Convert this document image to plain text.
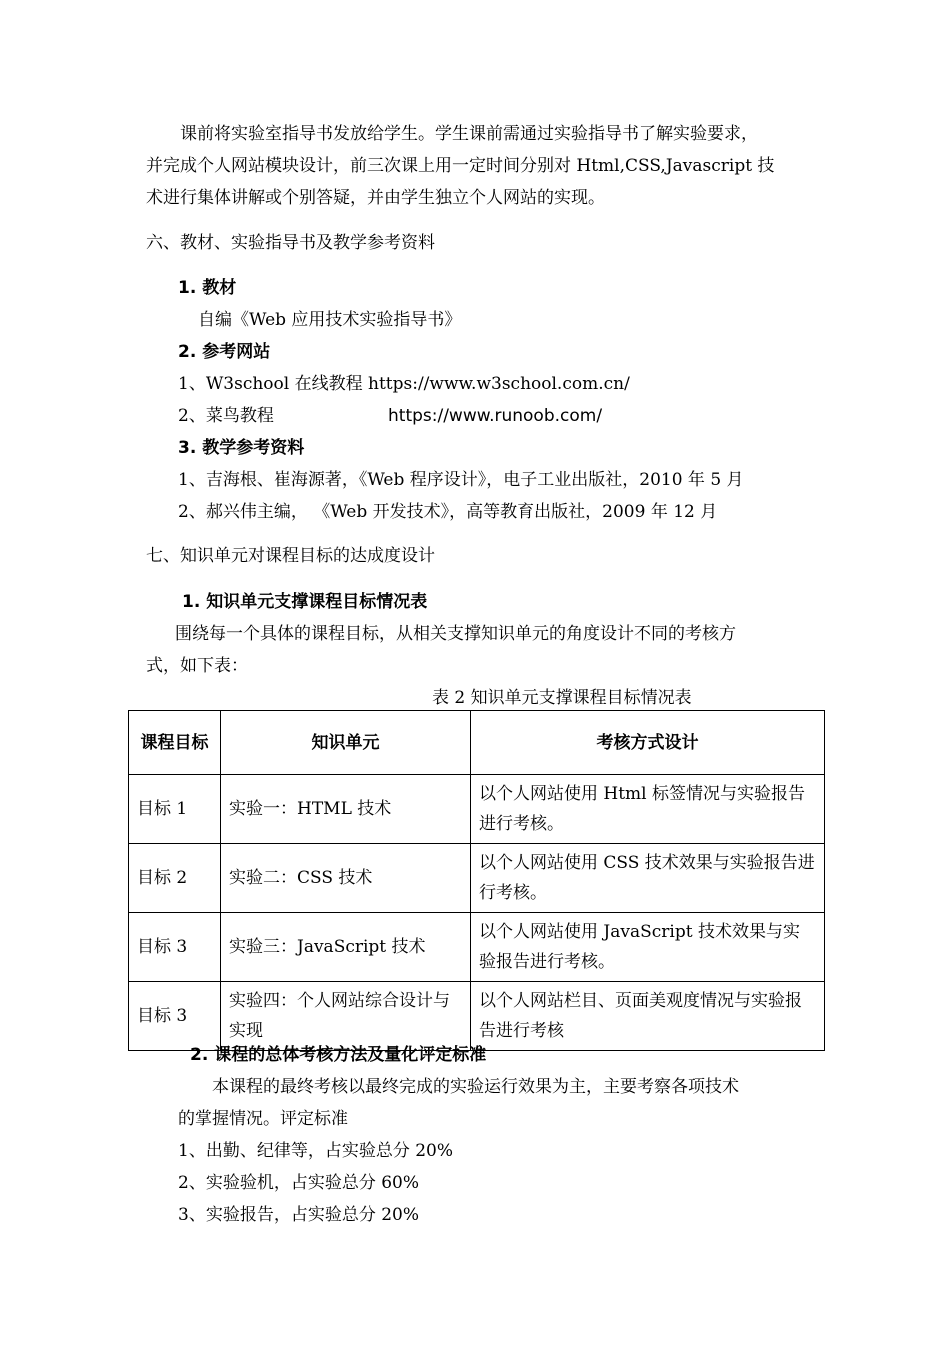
课前将实验室指导书发放给学生。学生课前需通过实验指导书了解实验要求，
并完成个人网站模块设计，前三次课上用一定时间分别对 Html,CSS,Javascript 技
术进行集体讲解或个别答疑，并由学生独立个人网站的实现。
六、教材、实验指导书及教学参考资料
1. 教材
自编《Web 应用技术实验指导书》
2. 参考网站
1、W3school 在线教程 https://www.w3school.com.cn/
2、菜鸟教程	https://www.runoob.com/
3. 教学参考资料
1、吉海根、崔海源著，《Web 程序设计》，电子工业出版社，2010 年 5 月
2、郝兴伟主编， 《Web 开发技术》，高等教育出版社，2009 年 12 月
七、知识单元对课程目标的达成度设计
1. 知识单元支撑课程目标情况表
围绕每一个具体的课程目标，从相关支撑知识单元的角度设计不同的考核方
式，如下表：
表 2 知识单元支撑课程目标情况表
课程目标	知识单元	考核方式设计
目标 1	实验一：HTML 技术	以个人网站使用 Html 标签情况与实验报告进行考核。
目标 2	实验二：CSS 技术	以个人网站使用 CSS 技术效果与实验报告进行考核。
目标 3	实验三：JavaScript 技术	以个人网站使用 JavaScript 技术效果与实验报告进行考核。
目标 3	实验四：个人网站综合设计与实现	以个人网站栏目、页面美观度情况与实验报告进行考核
2. 课程的总体考核方法及量化评定标准
本课程的最终考核以最终完成的实验运行效果为主，主要考察各项技术
的掌握情况。评定标准
1、出勤、纪律等，占实验总分 20%
2、实验验机，占实验总分 60%
3、实验报告，占实验总分 20%
